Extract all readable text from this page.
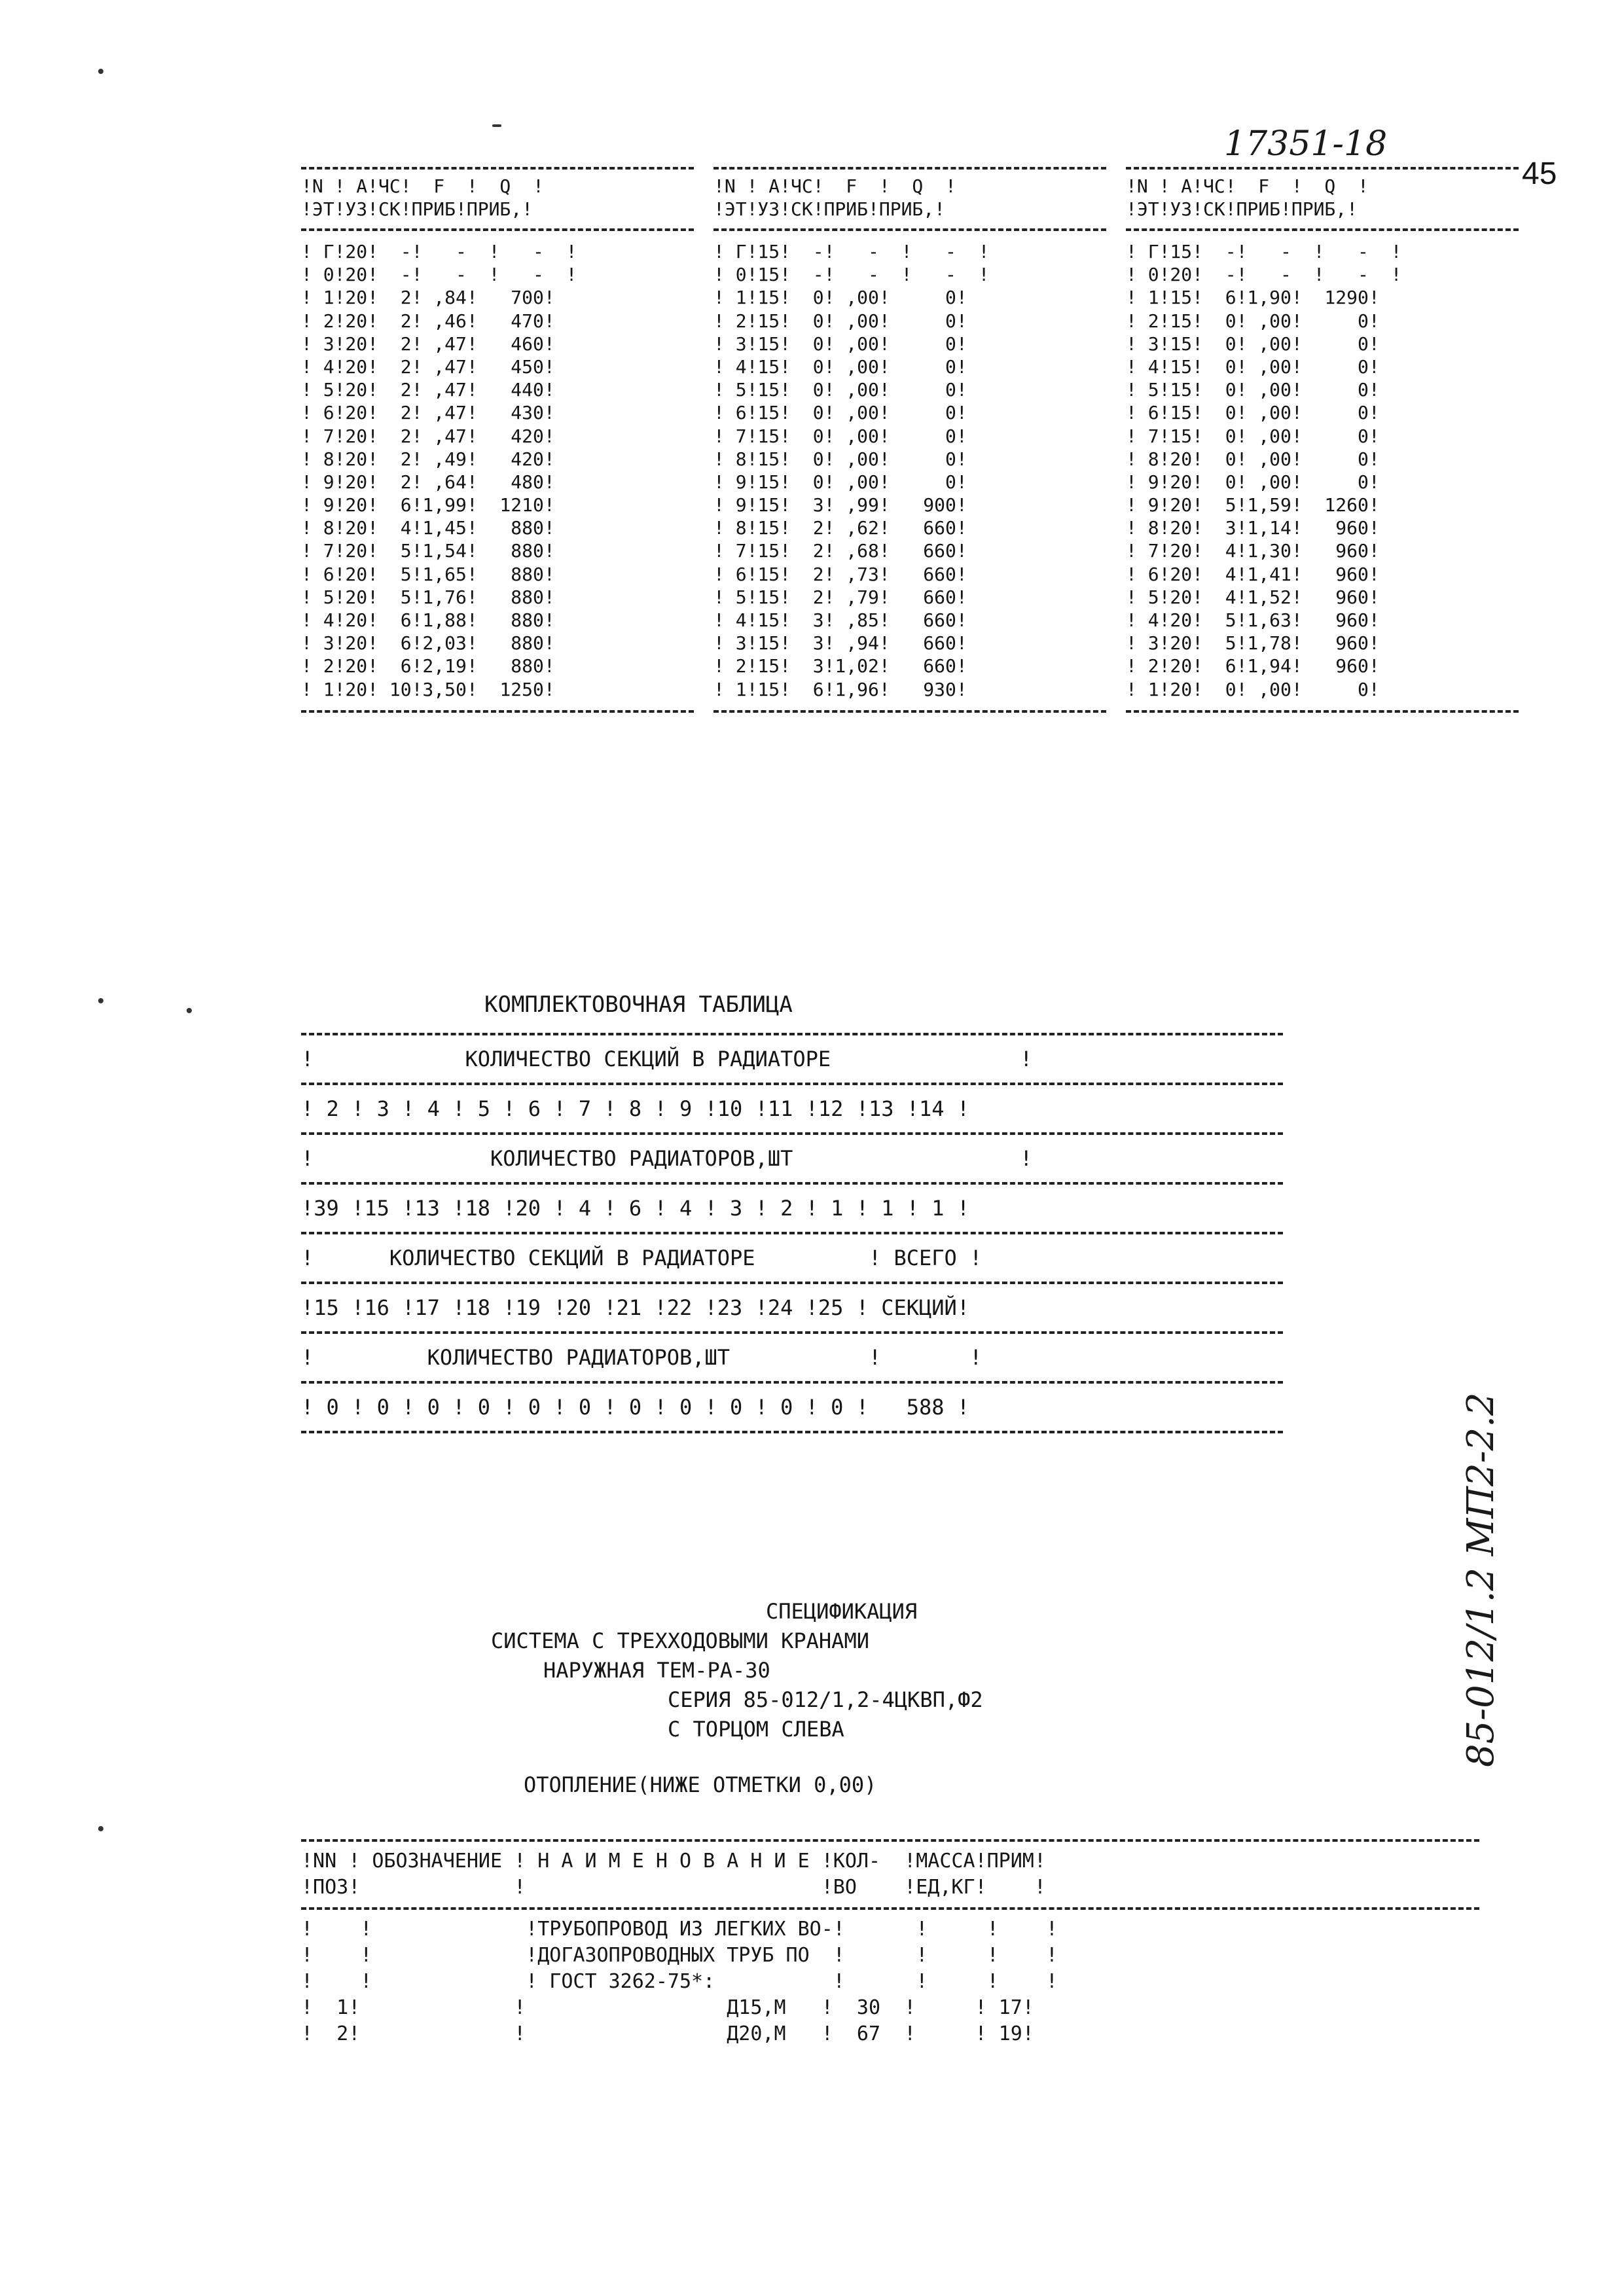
17351-18
45
85-012/1.2 МП2-2.2
!N ! А!ЧС!  F  !  Q  !
!ЭТ!УЗ!СК!ПРИБ!ПРИБ,!
! Г!20!  -!   -  !   -  !
! 0!20!  -!   -  !   -  !
! 1!20!  2! ,84!   700!
! 2!20!  2! ,46!   470!
! 3!20!  2! ,47!   460!
! 4!20!  2! ,47!   450!
! 5!20!  2! ,47!   440!
! 6!20!  2! ,47!   430!
! 7!20!  2! ,47!   420!
! 8!20!  2! ,49!   420!
! 9!20!  2! ,64!   480!
! 9!20!  6!1,99!  1210!
! 8!20!  4!1,45!   880!
! 7!20!  5!1,54!   880!
! 6!20!  5!1,65!   880!
! 5!20!  5!1,76!   880!
! 4!20!  6!1,88!   880!
! 3!20!  6!2,03!   880!
! 2!20!  6!2,19!   880!
! 1!20! 10!3,50!  1250!
!N ! А!ЧС!  F  !  Q  !
!ЭТ!УЗ!СК!ПРИБ!ПРИБ,!
! Г!15!  -!   -  !   -  !
! 0!15!  -!   -  !   -  !
! 1!15!  0! ,00!     0!
! 2!15!  0! ,00!     0!
! 3!15!  0! ,00!     0!
! 4!15!  0! ,00!     0!
! 5!15!  0! ,00!     0!
! 6!15!  0! ,00!     0!
! 7!15!  0! ,00!     0!
! 8!15!  0! ,00!     0!
! 9!15!  0! ,00!     0!
! 9!15!  3! ,99!   900!
! 8!15!  2! ,62!   660!
! 7!15!  2! ,68!   660!
! 6!15!  2! ,73!   660!
! 5!15!  2! ,79!   660!
! 4!15!  3! ,85!   660!
! 3!15!  3! ,94!   660!
! 2!15!  3!1,02!   660!
! 1!15!  6!1,96!   930!
!N ! А!ЧС!  F  !  Q  !
!ЭТ!УЗ!СК!ПРИБ!ПРИБ,!
! Г!15!  -!   -  !   -  !
! 0!20!  -!   -  !   -  !
! 1!15!  6!1,90!  1290!
! 2!15!  0! ,00!     0!
! 3!15!  0! ,00!     0!
! 4!15!  0! ,00!     0!
! 5!15!  0! ,00!     0!
! 6!15!  0! ,00!     0!
! 7!15!  0! ,00!     0!
! 8!20!  0! ,00!     0!
! 9!20!  0! ,00!     0!
! 9!20!  5!1,59!  1260!
! 8!20!  3!1,14!   960!
! 7!20!  4!1,30!   960!
! 6!20!  4!1,41!   960!
! 5!20!  4!1,52!   960!
! 4!20!  5!1,63!   960!
! 3!20!  5!1,78!   960!
! 2!20!  6!1,94!   960!
! 1!20!  0! ,00!     0!
КОМПЛЕКТОВОЧНАЯ ТАБЛИЦА
!            КОЛИЧЕСТВО СЕКЦИЙ В РАДИАТОРЕ               !
! 2 ! 3 ! 4 ! 5 ! 6 ! 7 ! 8 ! 9 !10 !11 !12 !13 !14 !
!              КОЛИЧЕСТВО РАДИАТОРОВ,ШТ                  !
!39 !15 !13 !18 !20 ! 4 ! 6 ! 4 ! 3 ! 2 ! 1 ! 1 ! 1 !
!      КОЛИЧЕСТВО СЕКЦИЙ В РАДИАТОРЕ         ! ВСЕГО !
!15 !16 !17 !18 !19 !20 !21 !22 !23 !24 !25 ! СЕКЦИЙ!
!         КОЛИЧЕСТВО РАДИАТОРОВ,ШТ           !       !
! 0 ! 0 ! 0 ! 0 ! 0 ! 0 ! 0 ! 0 ! 0 ! 0 ! 0 !   588 !
СПЕЦИФИКАЦИЯ
СИСТЕМА С ТРЕХХОДОВЫМИ КРАНАМИ
НАРУЖНАЯ ТЕМ-РА-30
СЕРИЯ 85-012/1,2-4ЦКВП,Ф2
С ТОРЦОМ СЛЕВА
ОТОПЛЕНИЕ(НИЖЕ ОТМЕТКИ 0,00)
!NN ! ОБОЗНАЧЕНИЕ ! Н А И М Е Н О В А Н И Е !КОЛ-  !МАССА!ПРИМ!
!ПОЗ!             !                         !ВО    !ЕД,КГ!    !
!    !             !ТРУБОПРОВОД ИЗ ЛЕГКИХ ВО-!      !     !    !
!    !             !ДОГАЗОПРОВОДНЫХ ТРУБ ПО  !      !     !    !
!    !             ! ГОСТ 3262-75*:          !      !     !    !
!  1!             !                 Д15,М   !  30  !     ! 17!
!  2!             !                 Д20,М   !  67  !     ! 19!
